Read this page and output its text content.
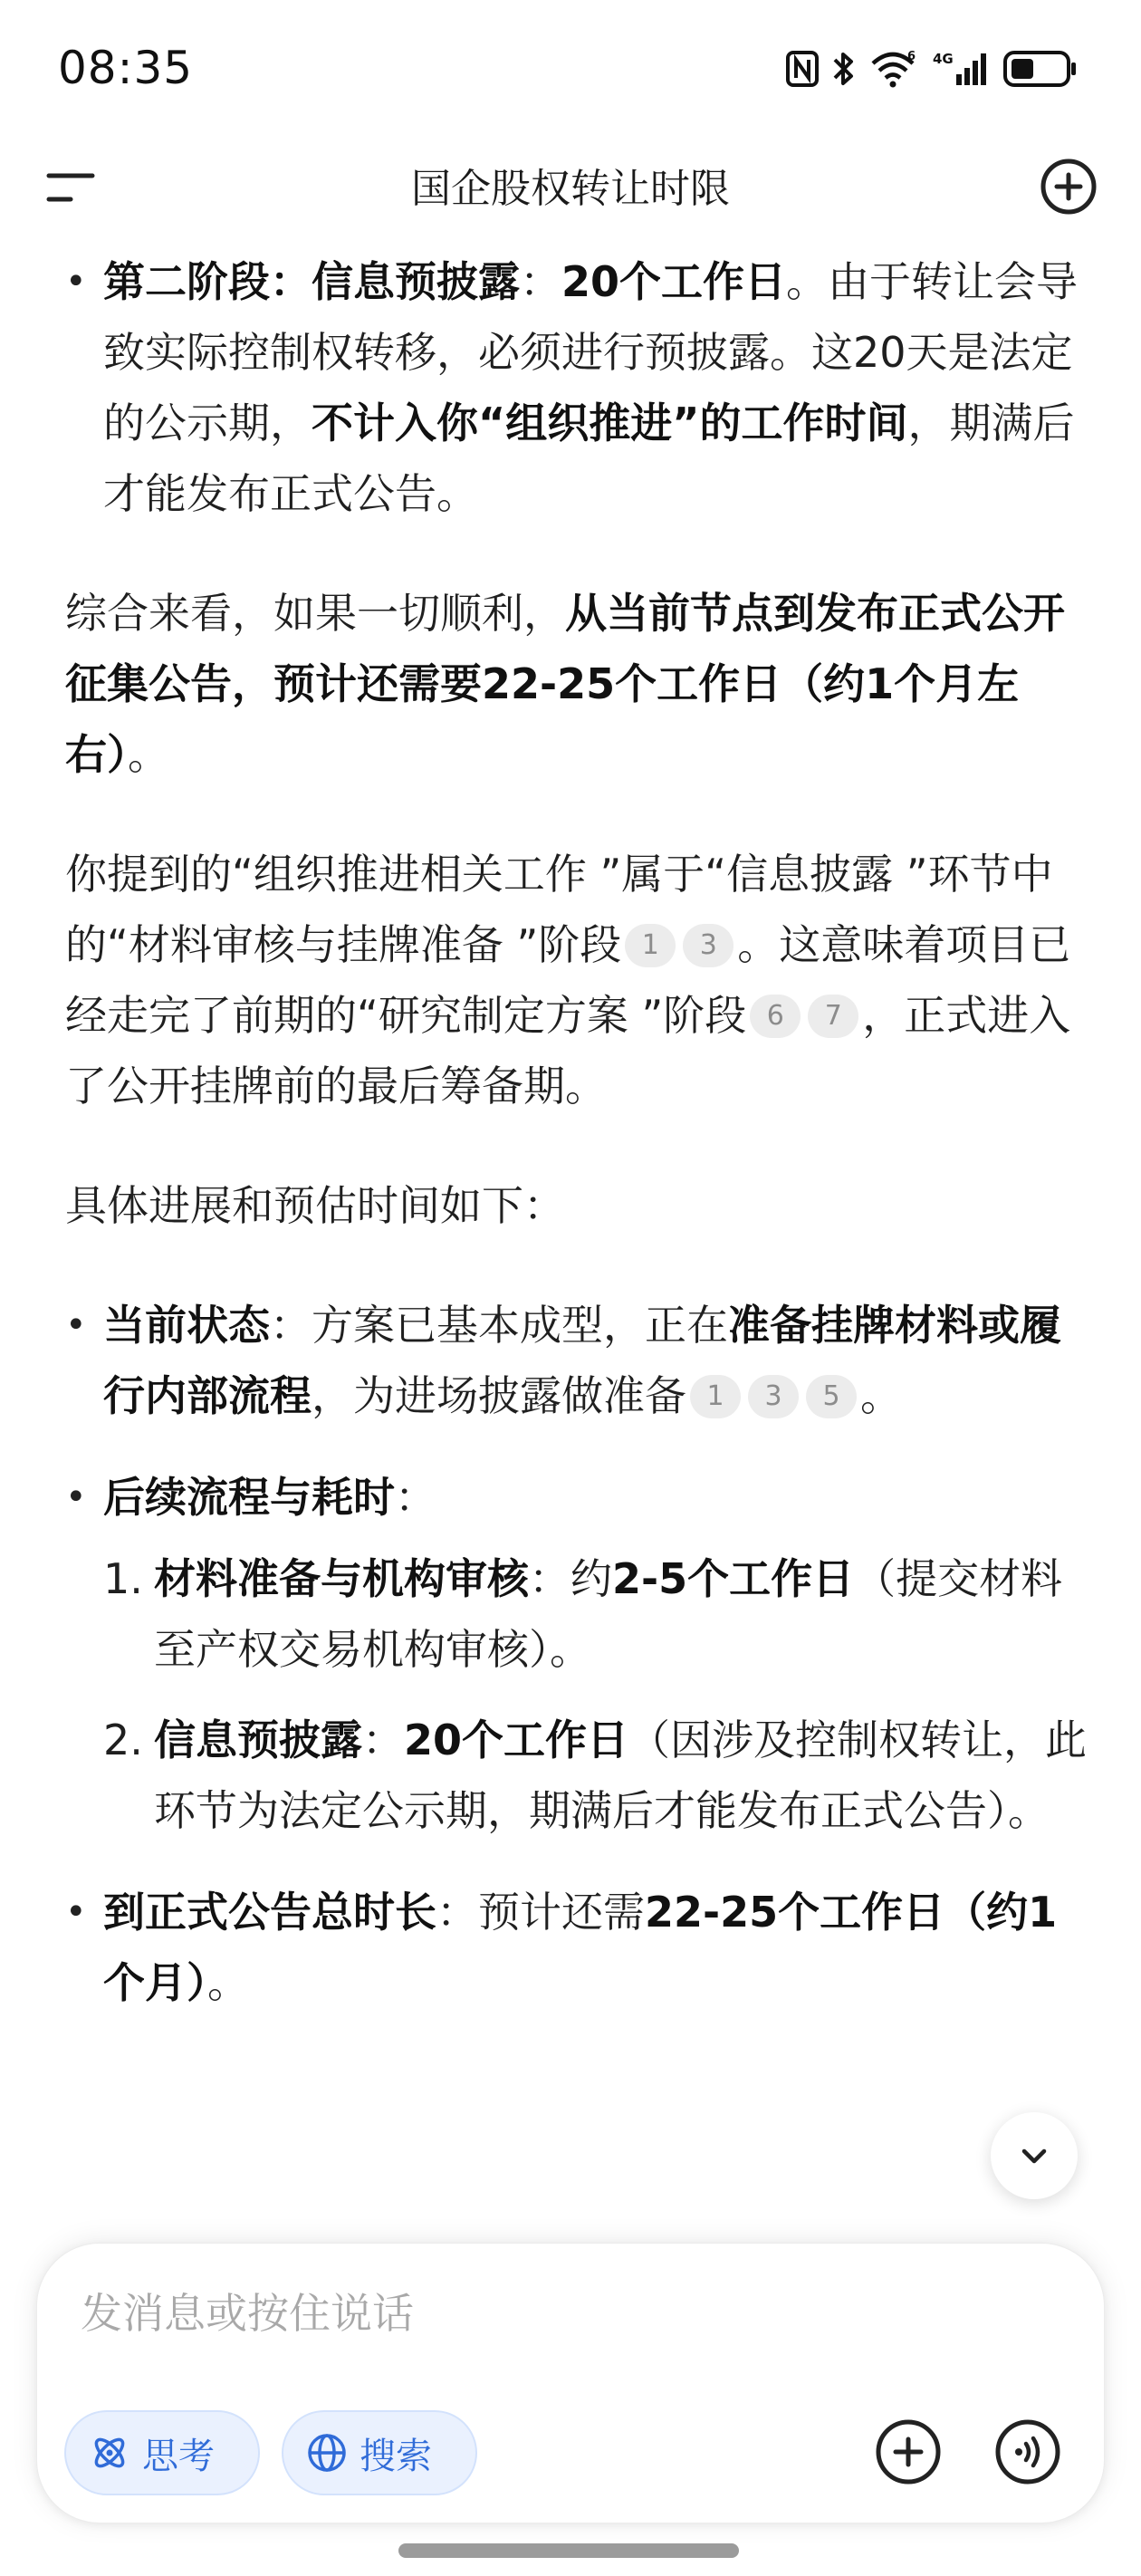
08:35	6 4G
国企股权转让时限
• 第二阶段：信息预披露：20个工作日。由于转让会导致实际控制权转移，必须进行预披露。这20天是法定的公示期，不计入你“组织推进”的工作时间，期满后才能发布正式公告。
综合来看，如果一切顺利，从当前节点到发布正式公开征集公告，预计还需要22-25个工作日（约1个月左右）。
你提到的“组织推进相关工作 ”属于“信息披露 ”环节中的“材料审核与挂牌准备 ”阶段 1 3 。这意味着项目已经走完了前期的“研究制定方案 ”阶段 6 7 ，正式进入了公开挂牌前的最后筹备期。
具体进展和预估时间如下：
• 当前状态：方案已基本成型，正在准备挂牌材料或履行内部流程，为进场披露做准备 1 3 5 。
• 后续流程与耗时：
1. 材料准备与机构审核：约2-5个工作日（提交材料至产权交易机构审核）。
2. 信息预披露：20个工作日（因涉及控制权转让，此环节为法定公示期，期满后才能发布正式公告）。
• 到正式公告总时长：预计还需22-25个工作日（约1个月）。
发消息或按住说话
思考	搜索
